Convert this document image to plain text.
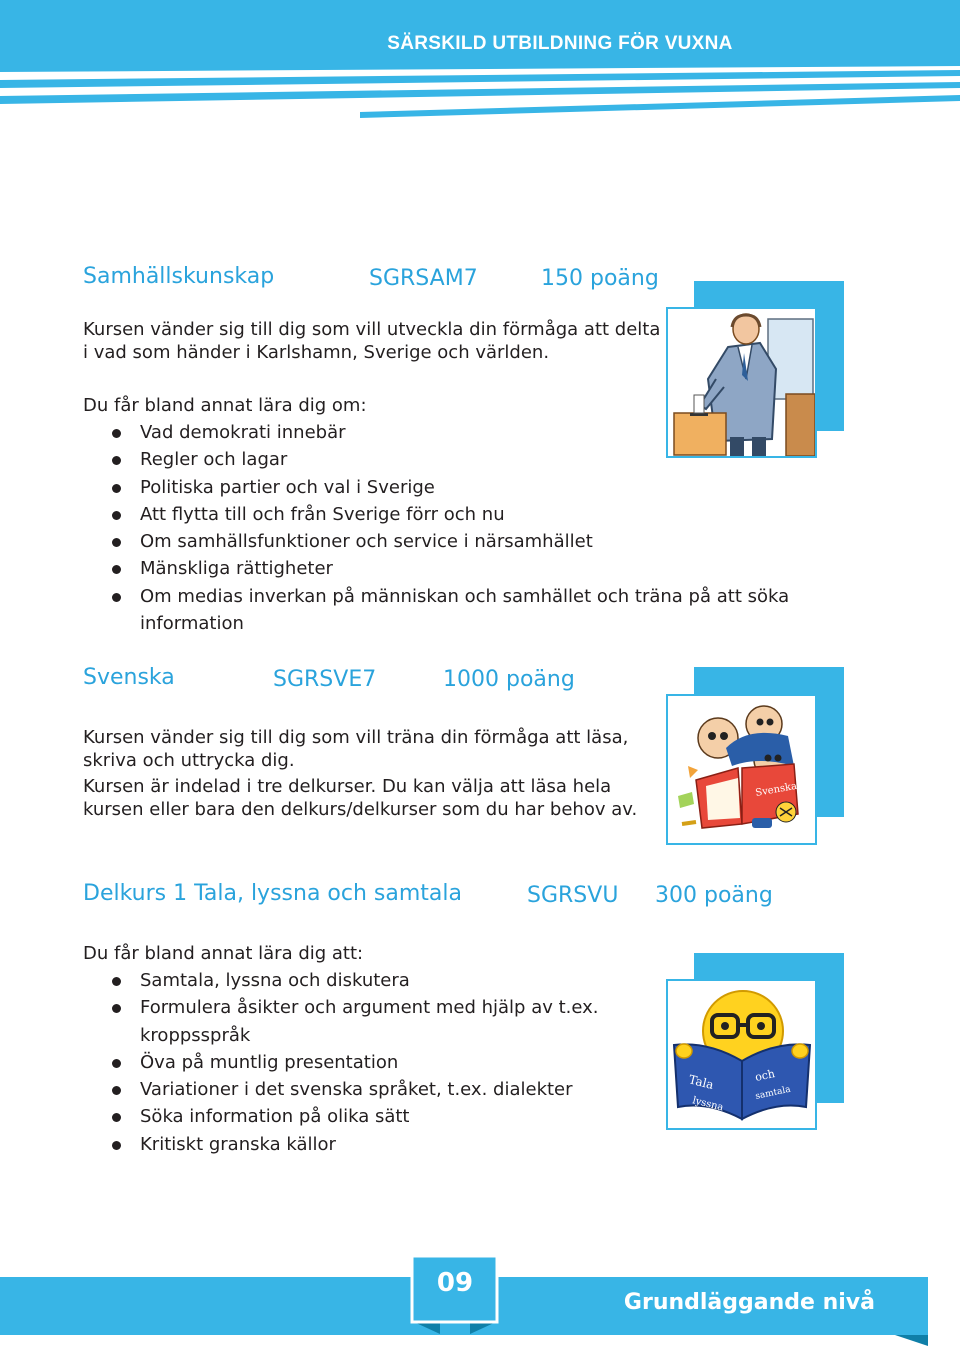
SÄRSKILD UTBILDNING FÖR VUXNA
Samhällskunskap	SGRSAM7	150 poäng
Kursen vänder sig till dig som vill utveckla din förmåga att delta
i vad som händer i Karlshamn, Sverige och världen.
Du får bland annat lära dig om:
Vad demokrati innebär
Regler och lagar
Politiska partier och val i Sverige
Att flytta till och från Sverige förr och nu
Om samhällsfunktioner och service i närsamhället
Mänskliga rättigheter
Om medias inverkan på människan och samhället och träna på att söka
information
Svenska	SGRSVE7	1000 poäng
Kursen vänder sig till dig som vill träna din förmåga att läsa,
skriva och uttrycka dig.
Kursen är indelad i tre delkurser. Du kan välja att läsa hela
kursen eller bara den delkurs/delkurser som du har behov av.
Svenska
Delkurs 1 Tala, lyssna och samtala	SGRSVU 300 poäng
Du får bland annat lära dig att:
Samtala, lyssna och diskutera
Formulera åsikter och argument med hjälp av t.ex.
kroppsspråk
Öva på muntlig presentation
Variationer i det svenska språket, t.ex. dialekter
Söka information på olika sätt
Kritiskt granska källor
Tala
lyssna
och
samtala
09
Grundläggande nivå
